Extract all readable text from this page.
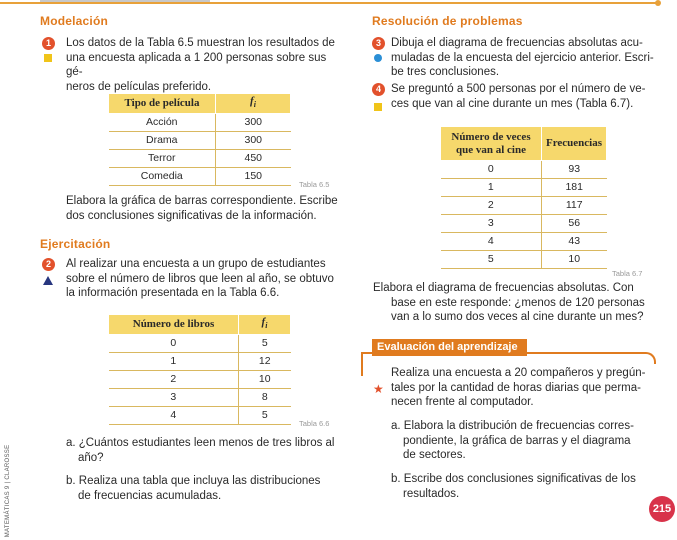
Modelación
1	Los datos de la Tabla 6.5 muestran los resultados de
una encuesta aplicada a 1 200 personas sobre sus gé-
neros de películas preferido.
Tipo de película	$f_i$
Acción	300
Drama	300
Terror	450
Comedia	150
Tabla 6.5
Elabora la gráfica de barras correspondiente. Escribe
dos conclusiones significativas de la información.
Ejercitación
2	Al realizar una encuesta a un grupo de estudiantes
sobre el número de libros que leen al año, se obtuvo
la información presentada en la Tabla 6.6.
Número de libros	$f_i$
0	5
1	12
2	10
3	8
4	5
Tabla 6.6
a. ¿Cuántos estudiantes leen menos de tres libros al
año?
b. Realiza una tabla que incluya las distribuciones
de frecuencias acumuladas.
MATEMÁTICAS 9 | CLAROSSE
Resolución de problemas
3 Dibuja el diagrama de frecuencias absolutas acu-
muladas de la encuesta del ejercicio anterior. Escri-
be tres conclusiones.
4 Se preguntó a 500 personas por el número de ve-
ces que van al cine durante un mes (Tabla 6.7).
Número de veces
que van al cine	Frecuencias
0	93
1	181
2	117
3	56
4	43
5	10
Tabla 6.7
Elabora el diagrama de frecuencias absolutas. Con
base en este responde: ¿menos de 120 personas
van a lo sumo dos veces al cine durante un mes?
Evaluación del aprendizaje
★
Realiza una encuesta a 20 compañeros y pregún-
tales por la cantidad de horas diarias que perma-
necen frente al computador.
a. Elabora la distribución de frecuencias corres-
pondiente, la gráfica de barras y el diagrama
de sectores.
b. Escribe dos conclusiones significativas de los
resultados.
215
